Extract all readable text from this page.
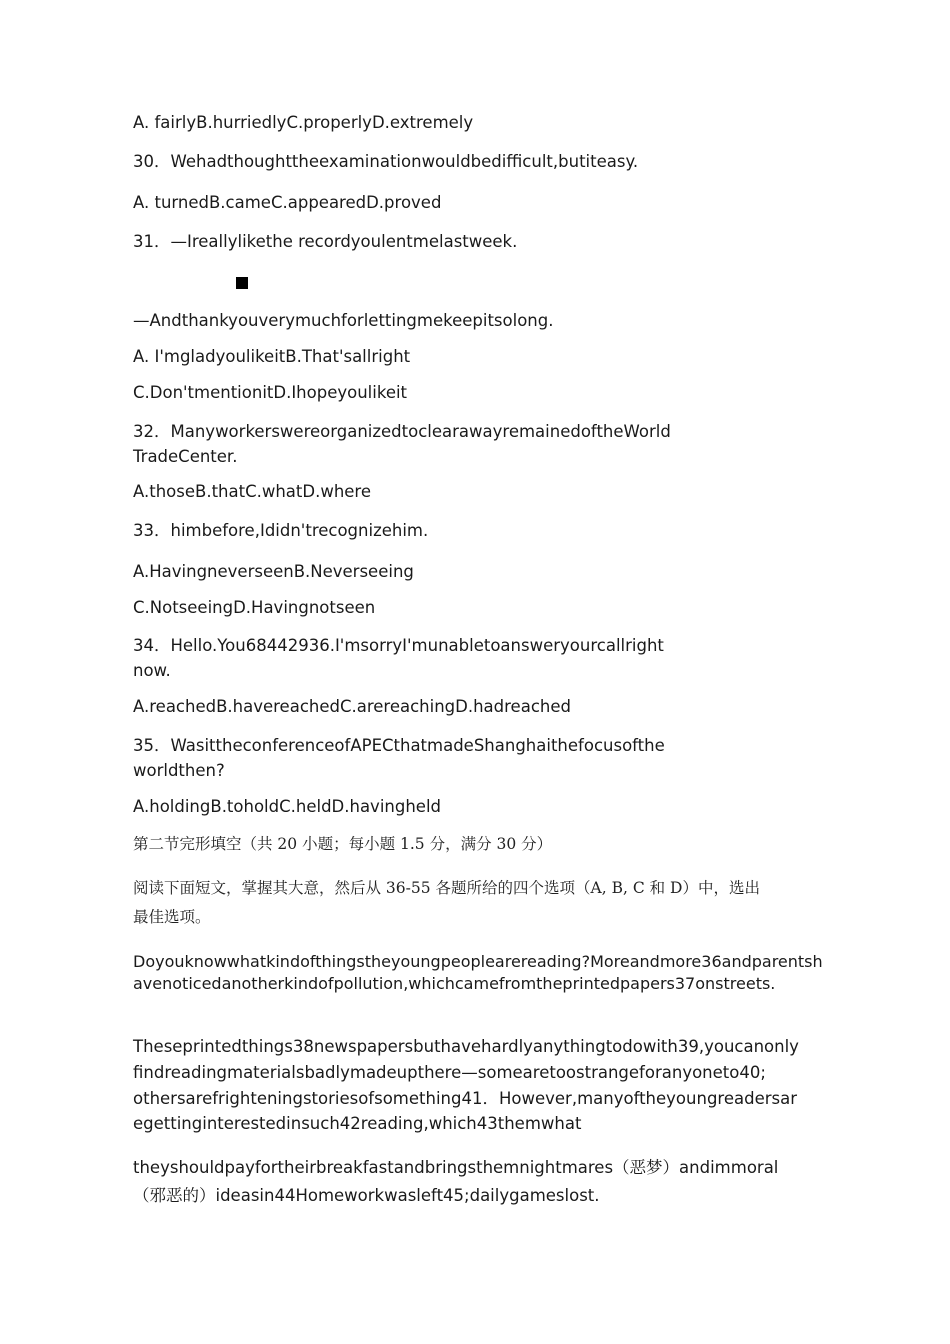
A. fairlyB.hurriedlyC.properlyD.extremely
30．Wehadthoughttheexaminationwouldbedifficult,butiteasy.
A. turnedB.cameC.appearedD.proved
31．—Ireallylikethe recordyoulentmelastweek.
—Andthankyouverymuchforlettingmekeepitsolong.
A. I'mgladyoulikeitB.That'sallright
C.Don'tmentionitD.Ihopeyoulikeit
32．ManyworkerswereorganizedtoclearawayremainedoftheWorld
TradeCenter.
A.thoseB.thatC.whatD.where
33．himbefore,Ididn'trecognizehim.
A.HavingneverseenB.Neverseeing
C.NotseeingD.Havingnotseen
34．Hello.You68442936.I'msorryI'munabletoansweryourcallright
now.
A.reachedB.havereachedC.arereachingD.hadreached
35．WasittheconferenceofAPECthatmadeShanghaithefocusofthe
worldthen?
A.holdingB.toholdC.heldD.havingheld
第二节完形填空（共 20 小题；每小题 1.5 分，满分 30 分）
阅读下面短文，掌握其大意，然后从 36-55 各题所给的四个选项（A, B, C 和 D）中，选出
最佳选项。
Doyouknowwhatkindofthingstheyoungpeoplearereading?Moreandmore36andparentshavenoticedanotherkindofpollution,whichcamefromtheprintedpapers37onstreets.
Theseprintedthings38newspapersbuthavehardlyanythingtodowith39,youcanonly
findreadingmaterialsbadlymadeupthere—somearetoostrangeforanyoneto40;
othersarefrighteningstoriesofsomething41．However,manyoftheyoungreadersar
egettinginterestedinsuch42reading,which43themwhat
theyshouldpayfortheirbreakfastandbringsthemnightmares（恶梦）andimmoral
（邪恶的）ideasin44Homeworkwasleft45;dailygameslost.
